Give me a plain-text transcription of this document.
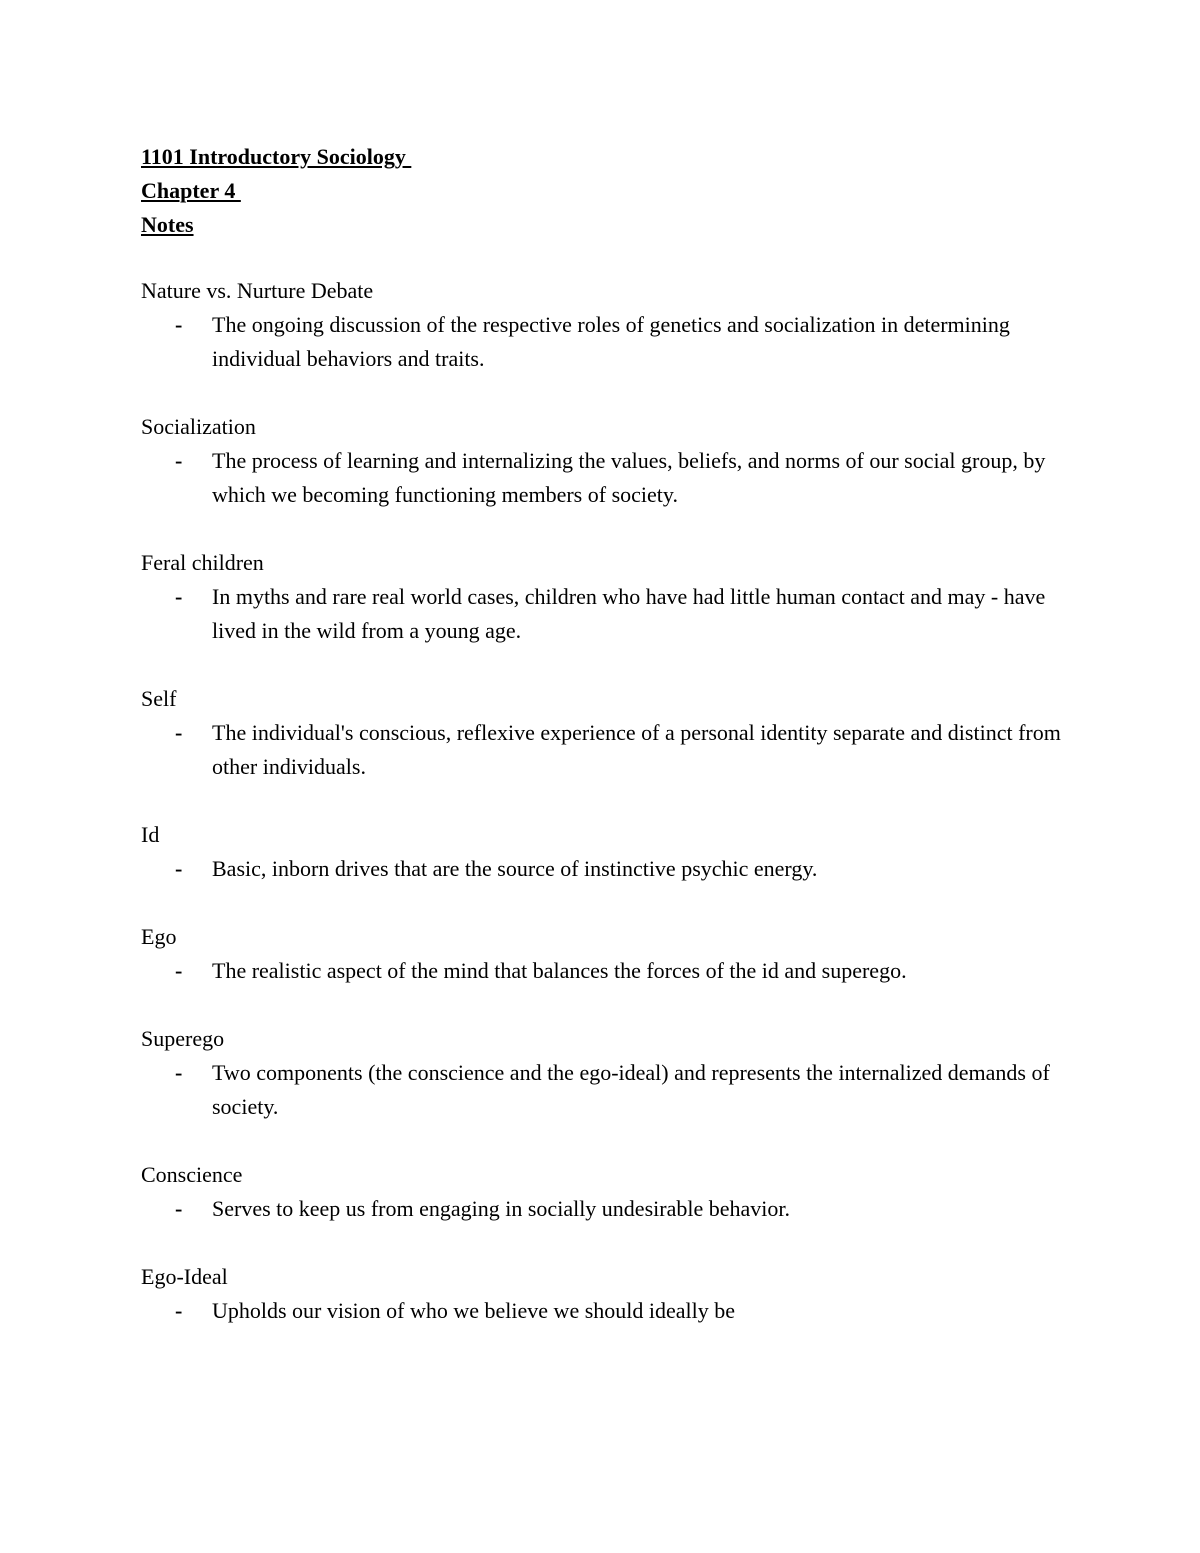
1101 Introductory Sociology
Chapter 4
Notes
Nature vs. Nurture Debate
- The ongoing discussion of the respective roles of genetics and socialization in determining individual behaviors and traits.
Socialization
- The process of learning and internalizing the values, beliefs, and norms of our social group, by which we becoming functioning members of society.
Feral children
- In myths and rare real world cases, children who have had little human contact and may - have lived in the wild from a young age.
Self
- The individual's conscious, reflexive experience of a personal identity separate and distinct from other individuals.
Id
- Basic, inborn drives that are the source of instinctive psychic energy.
Ego
- The realistic aspect of the mind that balances the forces of the id and superego.
Superego
- Two components (the conscience and the ego-ideal) and represents the internalized demands of society.
Conscience
- Serves to keep us from engaging in socially undesirable behavior.
Ego-Ideal
- Upholds our vision of who we believe we should ideally be
